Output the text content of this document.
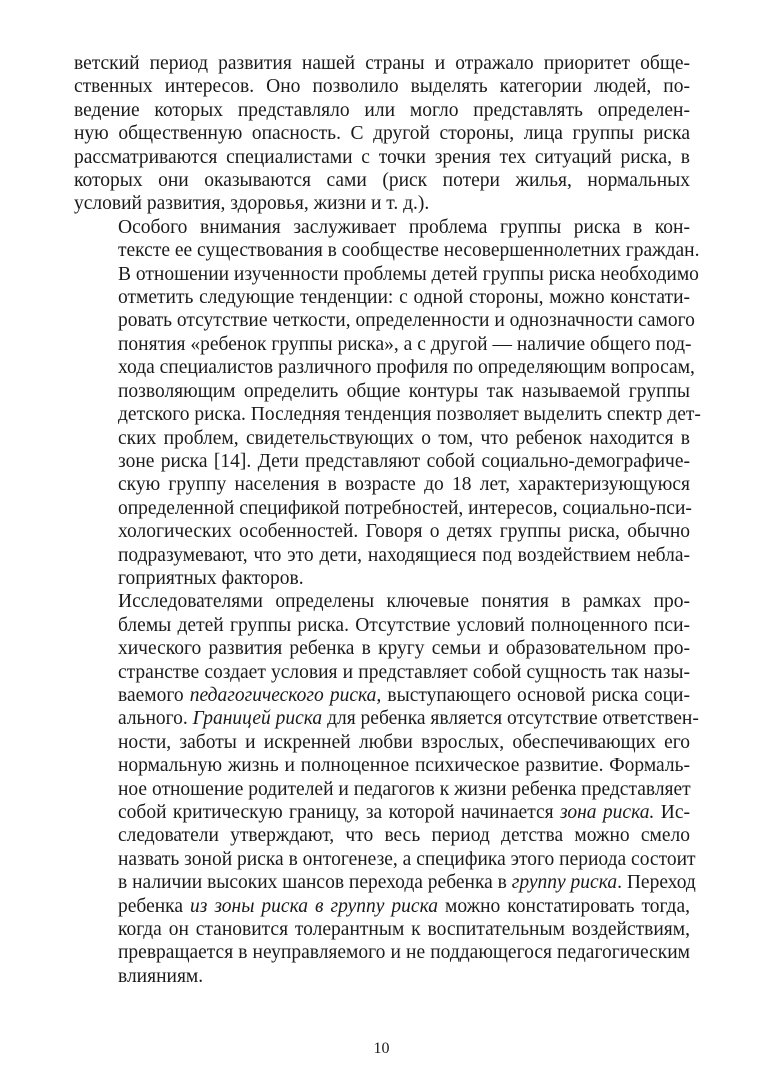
ветский период развития нашей страны и отражало приоритет обще-
ственных интересов. Оно позволило выделять категории людей, по-
ведение которых представляло или могло представлять определен-
ную общественную опасность. С другой стороны, лица группы риска
рассматриваются специалистами с точки зрения тех ситуаций риска, в
которых они оказываются сами (риск потери жилья, нормальных
условий развития, здоровья, жизни и т. д.).

Особого внимания заслуживает проблема группы риска в кон-
тексте ее существования в сообществе несовершеннолетних граждан.
В отношении изученности проблемы детей группы риска необходимо
отметить следующие тенденции: с одной стороны, можно констати-
ровать отсутствие четкости, определенности и однозначности самого
понятия «ребенок группы риска», а с другой — наличие общего под-
хода специалистов различного профиля по определяющим вопросам,
позволяющим определить общие контуры так называемой группы
детского риска. Последняя тенденция позволяет выделить спектр дет-
ских проблем, свидетельствующих о том, что ребенок находится в
зоне риска [14]. Дети представляют собой социально-демографиче-
скую группу населения в возрасте до 18 лет, характеризующуюся
определенной спецификой потребностей, интересов, социально-пси-
хологических особенностей. Говоря о детях группы риска, обычно
подразумевают, что это дети, находящиеся под воздействием небла-
гоприятных факторов.

Исследователями определены ключевые понятия в рамках про-
блемы детей группы риска. Отсутствие условий полноценного пси-
хического развития ребенка в кругу семьи и образовательном про-
странстве создает условия и представляет собой сущность так назы-
ваемого педагогического риска, выступающего основой риска соци-
ального. Границей риска для ребенка является отсутствие ответствен-
ности, заботы и искренней любви взрослых, обеспечивающих его
нормальную жизнь и полноценное психическое развитие. Формаль-
ное отношение родителей и педагогов к жизни ребенка представляет
собой критическую границу, за которой начинается зона риска. Ис-
следователи утверждают, что весь период детства можно смело
назвать зоной риска в онтогенезе, а специфика этого периода состоит
в наличии высоких шансов перехода ребенка в группу риска. Переход
ребенка из зоны риска в группу риска можно констатировать тогда,
когда он становится толерантным к воспитательным воздействиям,
превращается в неуправляемого и не поддающегося педагогическим
влияниям.

10
